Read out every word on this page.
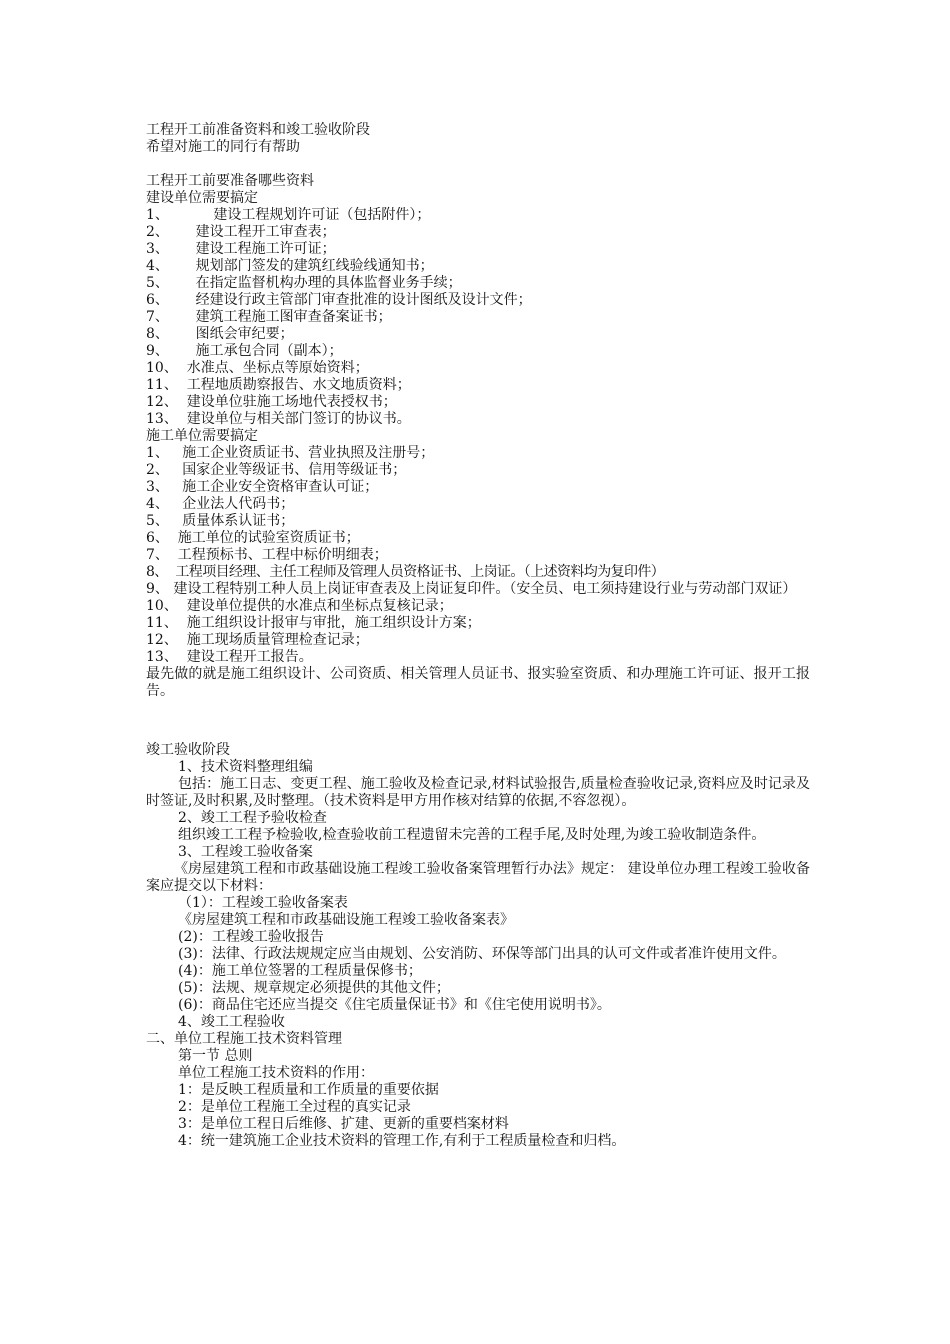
工程开工前准备资料和竣工验收阶段
希望对施工的同行有帮助
工程开工前要准备哪些资料
建设单位需要搞定
1、          建设工程规划许可证（包括附件）；
2、      建设工程开工审查表；
3、      建设工程施工许可证；
4、      规划部门签发的建筑红线验线通知书；
5、      在指定监督机构办理的具体监督业务手续；
6、      经建设行政主管部门审查批准的设计图纸及设计文件；
7、      建筑工程施工图审查备案证书；
8、      图纸会审纪要；
9、      施工承包合同（副本）；
10、  水准点、坐标点等原始资料；
11、  工程地质勘察报告、水文地质资料；
12、  建设单位驻施工场地代表授权书；
13、  建设单位与相关部门签订的协议书。
施工单位需要搞定
1、   施工企业资质证书、营业执照及注册号；
2、   国家企业等级证书、信用等级证书；
3、   施工企业安全资格审查认可证；
4、   企业法人代码书；
5、   质量体系认证书；
6、  施工单位的试验室资质证书；
7、  工程预标书、工程中标价明细表；
8、  工程项目经理、主任工程师及管理人员资格证书、上岗证。（上述资料均为复印件）
9、 建设工程特别工种人员上岗证审查表及上岗证复印件。（安全员、电工须持建设行业与劳动部门双证）
10、  建设单位提供的水准点和坐标点复核记录；
11、  施工组织设计报审与审批，施工组织设计方案；
12、  施工现场质量管理检查记录；
13、  建设工程开工报告。
最先做的就是施工组织设计、公司资质、相关管理人员证书、报实验室资质、和办理施工许可证、报开工报告。
竣工验收阶段
1、技术资料整理组编
包括：施工日志、变更工程、施工验收及检查记录,材料试验报告,质量检查验收记录,资料应及时记录及时签证,及时积累,及时整理。（技术资料是甲方用作核对结算的依据,不容忽视）。
2、竣工工程予验收检查
组织竣工工程予检验收,检查验收前工程遗留未完善的工程手尾,及时处理,为竣工验收制造条件。
3、工程竣工验收备案
《房屋建筑工程和市政基础设施工程竣工验收备案管理暂行办法》规定： 建设单位办理工程竣工验收备案应提交以下材料：
（1）：工程竣工验收备案表
《房屋建筑工程和市政基础设施工程竣工验收备案表》
(2)：工程竣工验收报告
(3)：法律、行政法规规定应当由规划、公安消防、环保等部门出具的认可文件或者准许使用文件。
(4)：施工单位签署的工程质量保修书；
(5)：法规、规章规定必须提供的其他文件；
(6)：商品住宅还应当提交《住宅质量保证书》和《住宅使用说明书》。
4、竣工工程验收
二、单位工程施工技术资料管理
第一节 总则
单位工程施工技术资料的作用：
1：是反映工程质量和工作质量的重要依据
2：是单位工程施工全过程的真实记录
3：是单位工程日后维修、扩建、更新的重要档案材料
4：统一建筑施工企业技术资料的管理工作,有利于工程质量检查和归档。
